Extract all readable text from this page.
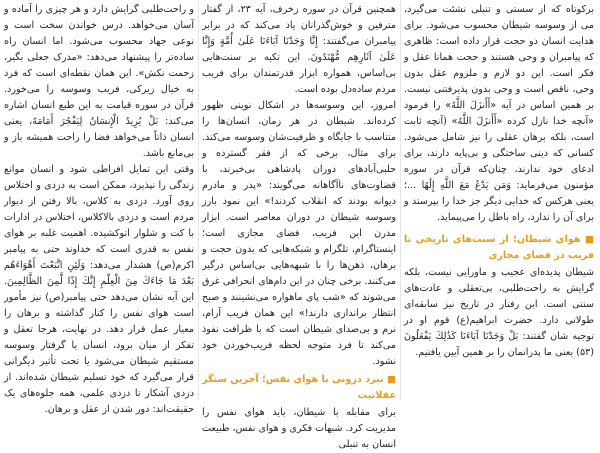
و راحت‌طلبی گرایش دارد و هر چیزی را آماده و آسان می‌خواهد. درس خواندن سخت است و نوعی جهاد محسوب می‌شود. اما انسان راه ساده‌تر را پیشنهاد می‌دهد: «مدرک جعلی بگیر، زحمت نکش». این همان نقطه‌ای است که فرد به خیال زیرکی، فریب وسوسه را می‌خورد. قرآن در سوره قیامت به این طبع انسان اشاره می‌کند: بَلْ يُرِيدُ الْإِنسَانُ لِيَفْجُرَ أَمَامَهُ، یعنی انسان ذاتاً می‌خواهد فضا را راحت همیشه باز و بی‌مانع باشد.

وقتی این تمایل افراطی شود و انسان موانع زندگی را نپذیرد، ممکن است به دزدی و اختلاس روی آورد. دزدی به کلاس، بالا رفتن از دیوار مردم است و دزدی بالاکلاس، اختلاس در ادارات با کت و شلوار اتوکشیده. اهمیت غلبه بر هوای نفس به قدری است که خداوند حتی به پیامبر اکرم(ص) هشدار می‌دهد: وَلَئِنِ اتَّبَعْتَ أَهْوَاءَهُم بَعْدَ مَا جَاءَكَ مِنَ الْعِلْمِ إِنَّكَ إِذًا لَّمِنَ الظَّالِمِينَ. این آیه نشان می‌دهد حتی پیامبر(ص) نیز مأمور است هوای نفس را کنار گذاشته و برهان را معیار عمل قرار دهد. در نهایت، هرجا تعقل و تفکر از میان برود، انسان یا گرفتار وسوسه مستقیم شیطان می‌شود یا تحت تأثیر دیگرانی قرار می‌گیرد که خود تسلیم شیطان شده‌اند. از دزدی آشکار تا دزدی علمی، همه جلوه‌های یک حقیقت‌اند: دور شدن از عقل و برهان.

همچنین قرآن در سوره زخرف، آیه ۲۳، از گفتار مترفین و خوش‌گذرانان یاد می‌کند که در برابر پیامبران می‌گفتند: إِنَّا وَجَدْنَا آبَاءَنَا عَلَىٰ أُمَّةٍ وَإِنَّا عَلَىٰ آثَارِهِم مُّهْتَدُونَ. این تکیه بر سنت‌هایی بی‌اساس، همواره ابزار قدرتمندان برای فریب مردم ساده‌دل بوده است.

امروز، این وسوسه‌ها در اشکال نوینی ظهور کرده‌اند. شیطان در هر زمان، انسان‌ها را متناسب با جایگاه و ظرفیت‌شان وسوسه می‌کند. برای مثال، برخی که از فقر گسترده و حلبی‌آبادهای دوران پادشاهی بی‌خبرند، با قضاوت‌های ناآگاهانه می‌گویند: «پدر و مادرم دیوانه بودند که انقلاب کردند!» این نمود بارز وسوسه شیطان در دوران معاصر است. ابزار مدرن این فریب، فضای مجازی است؛ اینستاگرام، تلگرام و شبکه‌هایی که بدون حجت و برهان، ذهن‌ها را با شبهه‌هایی بی‌اساس درگیر می‌کنند. برخی چنان در این دام‌های انحرافی غرق می‌شوند که «شب پای ماهواره می‌نشینند و صبح انتظار براندازی دارند!» این همان فریب آرام، نرم و بی‌صدای شیطان است که با ظرافت نفوذ می‌کند تا فرد متوجه لحظه فریب‌خوردن خود نشود.

■ نبرد درونی با هوای نفس؛ آخرین سنگر عقلانیت

برای مقابله با شیطان، باید هوای نفس را مدیریت کرد. شبهات فکری و هوای نفس، طبیعت انسان به تنبلی

برکوتاه که از سستی و تنبلی نشئت می‌گیرد، می از وسوسه شیطان محسوب می‌شود. برای هدایت انسان دو حجت قرار داده است: ظاهری که پیامبران و وحی هستند و حجت همانا عقل و فکر است. این دو لازم و ملزوم عقل بدون وحی، ناقص است و وحی بدون پذیرفتنی نیست. بر همین اساس در آیه «أَأَنزَلَ اللَّهُ» را فرمود «آنچه خدا نازل کرده «أَأَنزَلَ اللَّهُ» (آنچه ثابت است، بلکه برهان عقلی را نیز شامل می‌شود. کسانی که دینی ساختگی و بی‌پایه دارند، برای ادعای خود ندارند، چنان‌که قرآن در سوره مؤمنون می‌فرماید: وَمَن يَدْعُ مَعَ اللَّهِ إِلَٰهًا ...؛ یعنی هرکس که خدایی دیگر جز خدا را بپرستد و برای آن را ندارد، راه باطل را می‌پیماید.

■ هوای شیطان؛ از سنت‌های تاریخی تا فریب در فضای مجازی

شیطان پدیده‌ای عجیب و ماورایی نیست، بلکه گرایش به راحت‌طلبی، بی‌تعقلی و عادت‌های سنتی است. این رفتار در تاریخ نیز سابقه‌ای طولانی دارد. حضرت ابراهیم(ع) قوم او در توجیه شان گفتند: بَلْ وَجَدْنَا آبَاءَنَا كَذَٰلِكَ يَفْعَلُونَ (۵۳) یعنی ما پدرانمان را بر همین آیین یافتیم.
